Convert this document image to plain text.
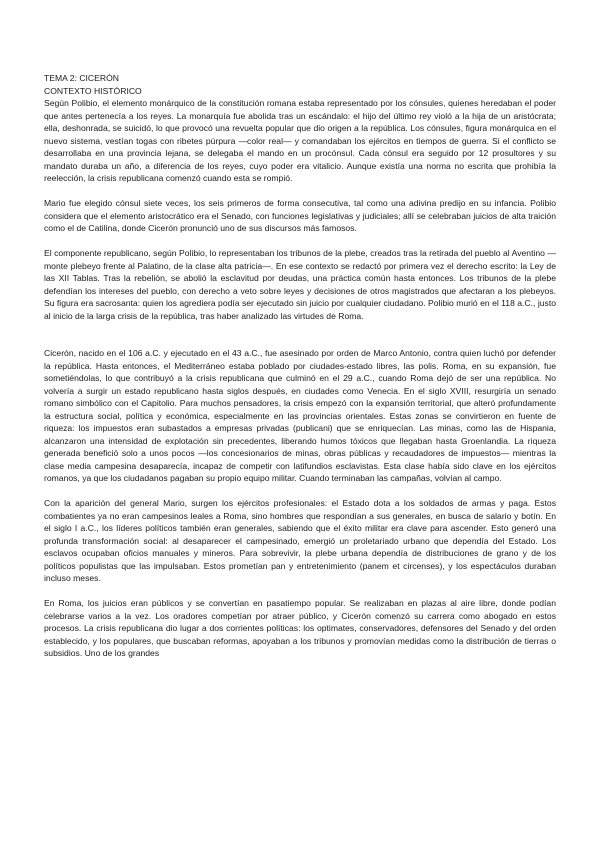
TEMA 2: CICERÓN
CONTEXTO HISTÓRICO

Según Polibio, el elemento monárquico de la constitución romana estaba representado por los cónsules, quienes heredaban el poder que antes pertenecía a los reyes. La monarquía fue abolida tras un escándalo: el hijo del último rey violó a la hija de un aristócrata; ella, deshonrada, se suicidó, lo que provocó una revuelta popular que dio origen a la república. Los cónsules, figura monárquica en el nuevo sistema, vestían togas con ribetes púrpura —color real— y comandaban los ejércitos en tiempos de guerra. Si el conflicto se desarrollaba en una provincia lejana, se delegaba el mando en un procónsul. Cada cónsul era seguido por 12 prosultores y su mandato duraba un año, a diferencia de los reyes, cuyo poder era vitalicio. Aunque existía una norma no escrita que prohibía la reelección, la crisis republicana comenzó cuando esta se rompió.

Mario fue elegido cónsul siete veces, los seis primeros de forma consecutiva, tal como una adivina predijo en su infancia. Polibio considera que el elemento aristocrático era el Senado, con funciones legislativas y judiciales; allí se celebraban juicios de alta traición como el de Catilina, donde Cicerón pronunció uno de sus discursos más famosos.

El componente republicano, según Polibio, lo representaban los tribunos de la plebe, creados tras la retirada del pueblo al Aventino —monte plebeyo frente al Palatino, de la clase alta patricia—. En ese contexto se redactó por primera vez el derecho escrito: la Ley de las XII Tablas. Tras la rebelión, se abolió la esclavitud por deudas, una práctica común hasta entonces. Los tribunos de la plebe defendían los intereses del pueblo, con derecho a veto sobre leyes y decisiones de otros magistrados que afectaran a los plebeyos. Su figura era sacrosanta: quien los agrediera podía ser ejecutado sin juicio por cualquier ciudadano. Polibio murió en el 118 a.C., justo al inicio de la larga crisis de la república, tras haber analizado las virtudes de Roma.

Cicerón, nacido en el 106 a.C. y ejecutado en el 43 a.C., fue asesinado por orden de Marco Antonio, contra quien luchó por defender la república. Hasta entonces, el Mediterráneo estaba poblado por ciudades-estado libres, las polis. Roma, en su expansión, fue sometiéndolas, lo que contribuyó a la crisis republicana que culminó en el 29 a.C., cuando Roma dejó de ser una república. No volvería a surgir un estado republicano hasta siglos después, en ciudades como Venecia. En el siglo XVIII, resurgiría un senado romano simbólico con el Capitolio. Para muchos pensadores, la crisis empezó con la expansión territorial, que alteró profundamente la estructura social, política y económica, especialmente en las provincias orientales. Estas zonas se convirtieron en fuente de riqueza: los impuestos eran subastados a empresas privadas (publicani) que se enriquecían. Las minas, como las de Hispania, alcanzaron una intensidad de explotación sin precedentes, liberando humos tóxicos que llegaban hasta Groenlandia. La riqueza generada benefició solo a unos pocos —los concesionarios de minas, obras públicas y recaudadores de impuestos— mientras la clase media campesina desaparecía, incapaz de competir con latifundios esclavistas. Esta clase había sido clave en los ejércitos romanos, ya que los ciudadanos pagaban su propio equipo militar. Cuando terminaban las campañas, volvían al campo.

Con la aparición del general Mario, surgen los ejércitos profesionales: el Estado dota a los soldados de armas y paga. Estos combatientes ya no eran campesinos leales a Roma, sino hombres que respondían a sus generales, en busca de salario y botín. En el siglo I a.C., los líderes políticos también eran generales, sabiendo que el éxito militar era clave para ascender. Esto generó una profunda transformación social: al desaparecer el campesinado, emergió un proletariado urbano que dependía del Estado. Los esclavos ocupaban oficios manuales y mineros. Para sobrevivir, la plebe urbana dependía de distribuciones de grano y de los políticos populistas que las impulsaban. Estos prometían pan y entretenimiento (panem et circenses), y los espectáculos duraban incluso meses.

En Roma, los juicios eran públicos y se convertían en pasatiempo popular. Se realizaban en plazas al aire libre, donde podían celebrarse varios a la vez. Los oradores competían por atraer público, y Cicerón comenzó su carrera como abogado en estos procesos. La crisis republicana dio lugar a dos corrientes políticas: los optimates, conservadores, defensores del Senado y del orden establecido, y los populares, que buscaban reformas, apoyaban a los tribunos y promovían medidas como la distribución de tierras o subsidios. Uno de los grandes
